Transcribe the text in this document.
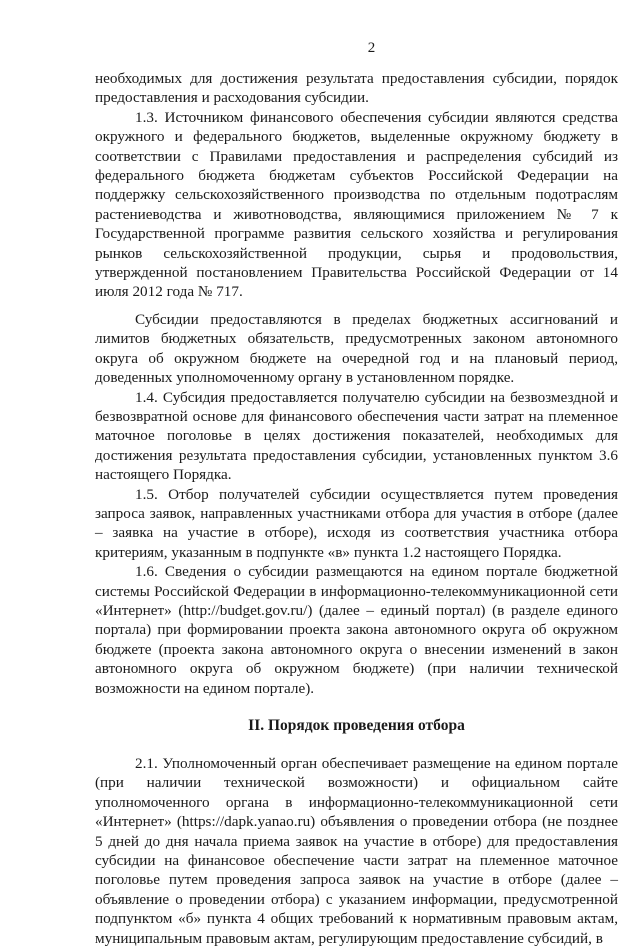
2

необходимых для достижения результата предоставления субсидии, порядок предоставления и расходования субсидии.

1.3. Источником финансового обеспечения субсидии являются средства окружного и федерального бюджетов, выделенные окружному бюджету в соответствии с Правилами предоставления и распределения субсидий из федерального бюджета бюджетам субъектов Российской Федерации на поддержку сельскохозяйственного производства по отдельным подотраслям растениеводства и животноводства, являющимися приложением № 7 к Государственной программе развития сельского хозяйства и регулирования рынков сельскохозяйственной продукции, сырья и продовольствия, утвержденной постановлением Правительства Российской Федерации от 14 июля 2012 года № 717.

Субсидии предоставляются в пределах бюджетных ассигнований и лимитов бюджетных обязательств, предусмотренных законом автономного округа об окружном бюджете на очередной год и на плановый период, доведенных уполномоченному органу в установленном порядке.

1.4. Субсидия предоставляется получателю субсидии на безвозмездной и безвозвратной основе для финансового обеспечения части затрат на племенное маточное поголовье в целях достижения показателей, необходимых для достижения результата предоставления субсидии, установленных пунктом 3.6 настоящего Порядка.

1.5. Отбор получателей субсидии осуществляется путем проведения запроса заявок, направленных участниками отбора для участия в отборе (далее – заявка на участие в отборе), исходя из соответствия участника отбора критериям, указанным в подпункте «в» пункта 1.2 настоящего Порядка.

1.6. Сведения о субсидии размещаются на едином портале бюджетной системы Российской Федерации в информационно-телекоммуникационной сети «Интернет» (http://budget.gov.ru/) (далее – единый портал) (в разделе единого портала) при формировании проекта закона автономного округа об окружном бюджете (проекта закона автономного округа о внесении изменений в закон автономного округа об окружном бюджете) (при наличии технической возможности на едином портале).

II. Порядок проведения отбора

2.1. Уполномоченный орган обеспечивает размещение на едином портале (при наличии технической возможности) и официальном сайте уполномоченного органа в информационно-телекоммуникационной сети «Интернет» (https://dapk.yanao.ru) объявления о проведении отбора (не позднее 5 дней до дня начала приема заявок на участие в отборе) для предоставления субсидии на финансовое обеспечение части затрат на племенное маточное поголовье путем проведения запроса заявок на участие в отборе (далее – объявление о проведении отбора) с указанием информации, предусмотренной подпунктом «б» пункта 4 общих требований к нормативным правовым актам, муниципальным правовым актам, регулирующим предоставление субсидий, в
